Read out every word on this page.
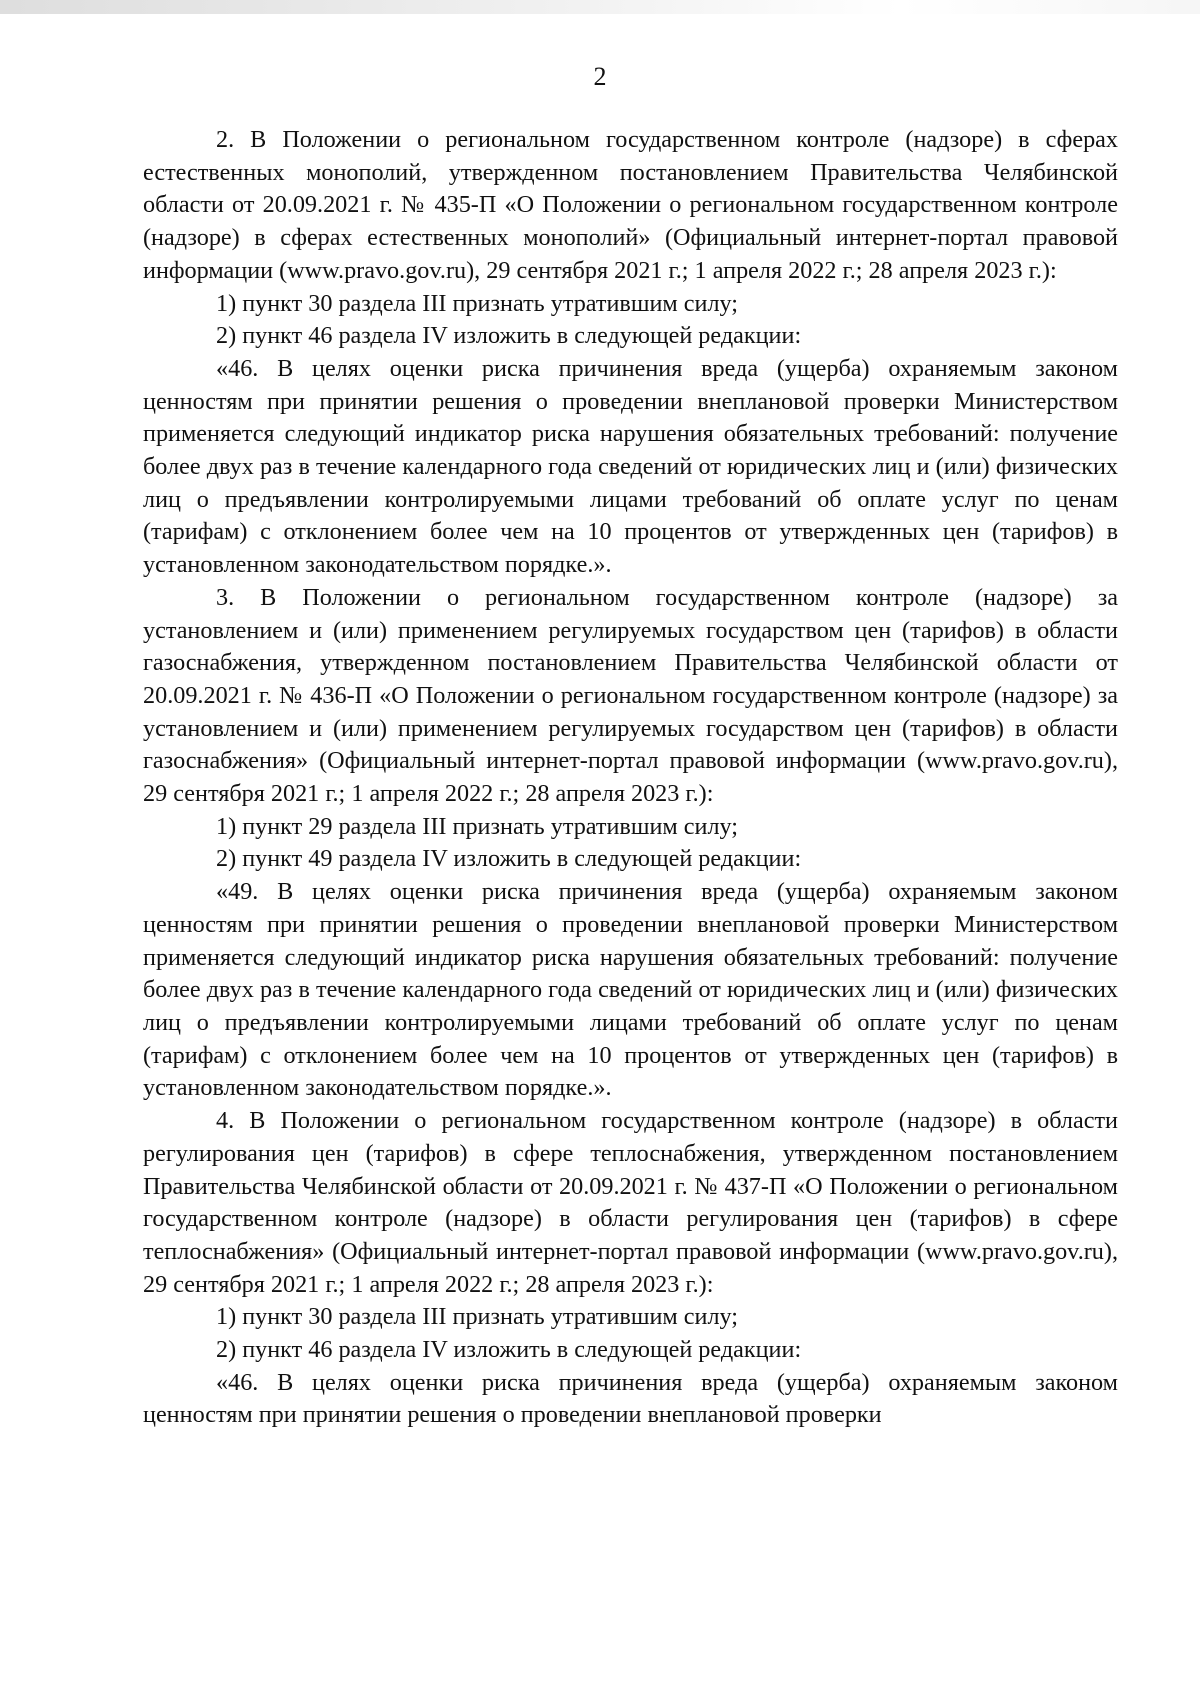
2

2. В Положении о региональном государственном контроле (надзоре) в сферах естественных монополий, утвержденном постановлением Правительства Челябинской области от 20.09.2021 г. № 435-П «О Положении о региональном государственном контроле (надзоре) в сферах естественных монополий» (Официальный интернет-портал правовой информации (www.pravo.gov.ru), 29 сентября 2021 г.; 1 апреля 2022 г.; 28 апреля 2023 г.):

1) пункт 30 раздела III признать утратившим силу;

2) пункт 46 раздела IV изложить в следующей редакции:

«46. В целях оценки риска причинения вреда (ущерба) охраняемым законом ценностям при принятии решения о проведении внеплановой проверки Министерством применяется следующий индикатор риска нарушения обязательных требований: получение более двух раз в течение календарного года сведений от юридических лиц и (или) физических лиц о предъявлении контролируемыми лицами требований об оплате услуг по ценам (тарифам) с отклонением более чем на 10 процентов от утвержденных цен (тарифов) в установленном законодательством порядке.».

3. В Положении о региональном государственном контроле (надзоре) за установлением и (или) применением регулируемых государством цен (тарифов) в области газоснабжения, утвержденном постановлением Правительства Челябинской области от 20.09.2021 г. № 436-П «О Положении о региональном государственном контроле (надзоре) за установлением и (или) применением регулируемых государством цен (тарифов) в области газоснабжения» (Официальный интернет-портал правовой информации (www.pravo.gov.ru), 29 сентября 2021 г.; 1 апреля 2022 г.; 28 апреля 2023 г.):

1) пункт 29 раздела III признать утратившим силу;

2) пункт 49 раздела IV изложить в следующей редакции:

«49. В целях оценки риска причинения вреда (ущерба) охраняемым законом ценностям при принятии решения о проведении внеплановой проверки Министерством применяется следующий индикатор риска нарушения обязательных требований: получение более двух раз в течение календарного года сведений от юридических лиц и (или) физических лиц о предъявлении контролируемыми лицами требований об оплате услуг по ценам (тарифам) с отклонением более чем на 10 процентов от утвержденных цен (тарифов) в установленном законодательством порядке.».

4. В Положении о региональном государственном контроле (надзоре) в области регулирования цен (тарифов) в сфере теплоснабжения, утвержденном постановлением Правительства Челябинской области от 20.09.2021 г. № 437-П «О Положении о региональном государственном контроле (надзоре) в области регулирования цен (тарифов) в сфере теплоснабжения» (Официальный интернет-портал правовой информации (www.pravo.gov.ru), 29 сентября 2021 г.; 1 апреля 2022 г.; 28 апреля 2023 г.):

1) пункт 30 раздела III признать утратившим силу;

2) пункт 46 раздела IV изложить в следующей редакции:

«46. В целях оценки риска причинения вреда (ущерба) охраняемым законом ценностям при принятии решения о проведении внеплановой проверки
